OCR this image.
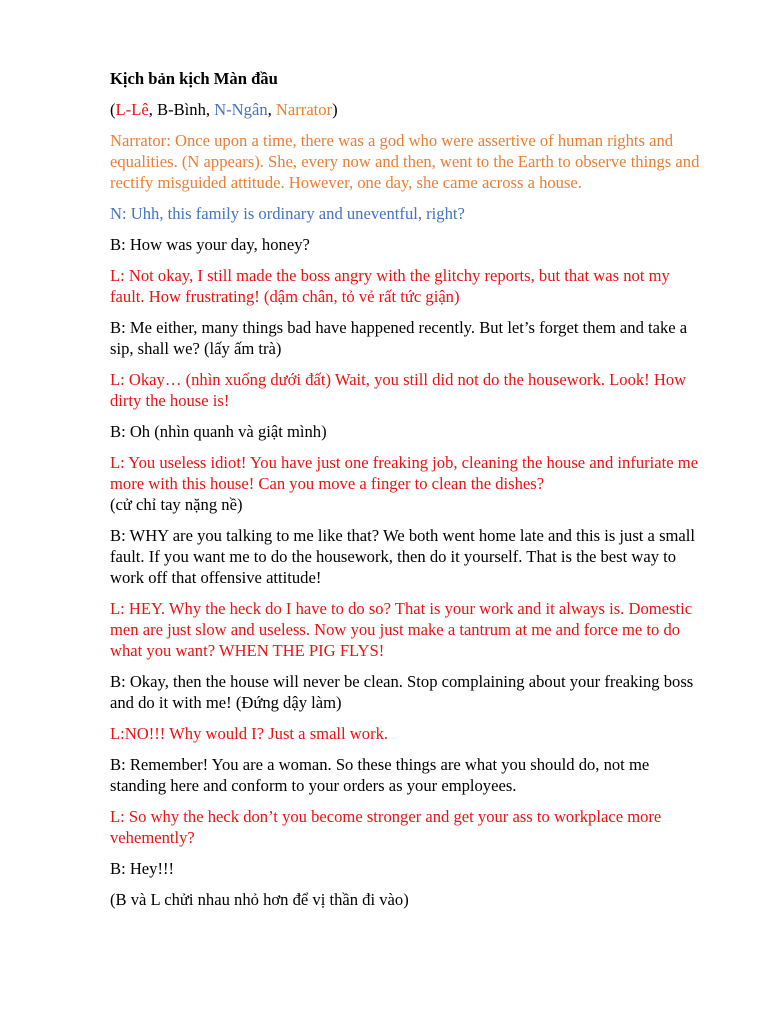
Kịch bản kịch Màn đầu

(L-Lê, B-Bình, N-Ngân, Narrator)

Narrator: Once upon a time, there was a god who were assertive of human rights and equalities. (N appears). She, every now and then, went to the Earth to observe things and rectify misguided attitude. However, one day, she came across a house.

N: Uhh, this family is ordinary and uneventful, right?

B: How was your day, honey?

L: Not okay, I still made the boss angry with the glitchy reports, but that was not my fault. How frustrating! (dậm chân, tỏ vẻ rất tức giận)

B: Me either, many things bad have happened recently. But let’s forget them and take a sip, shall we? (lấy ấm trà)

L: Okay… (nhìn xuống dưới đất) Wait, you still did not do the housework. Look! How dirty the house is!

B: Oh (nhìn quanh và giật mình)

L: You useless idiot! You have just one freaking job, cleaning the house and infuriate me more with this house! Can you move a finger to clean the dishes?
(cử chỉ tay nặng nề)

B: WHY are you talking to me like that? We both went home late and this is just a small fault. If you want me to do the housework, then do it yourself. That is the best way to work off that offensive attitude!

L: HEY. Why the heck do I have to do so? That is your work and it always is. Domestic men are just slow and useless. Now you just make a tantrum at me and force me to do what you want? WHEN THE PIG FLYS!

B: Okay, then the house will never be clean. Stop complaining about your freaking boss and do it with me! (Đứng dậy làm)

L:NO!!! Why would I? Just a small work.

B: Remember! You are a woman. So these things are what you should do, not me standing here and conform to your orders as your employees.

L: So why the heck don’t you become stronger and get your ass to workplace more vehemently?

B: Hey!!!

(B và L chửi nhau nhỏ hơn để vị thần đi vào)
